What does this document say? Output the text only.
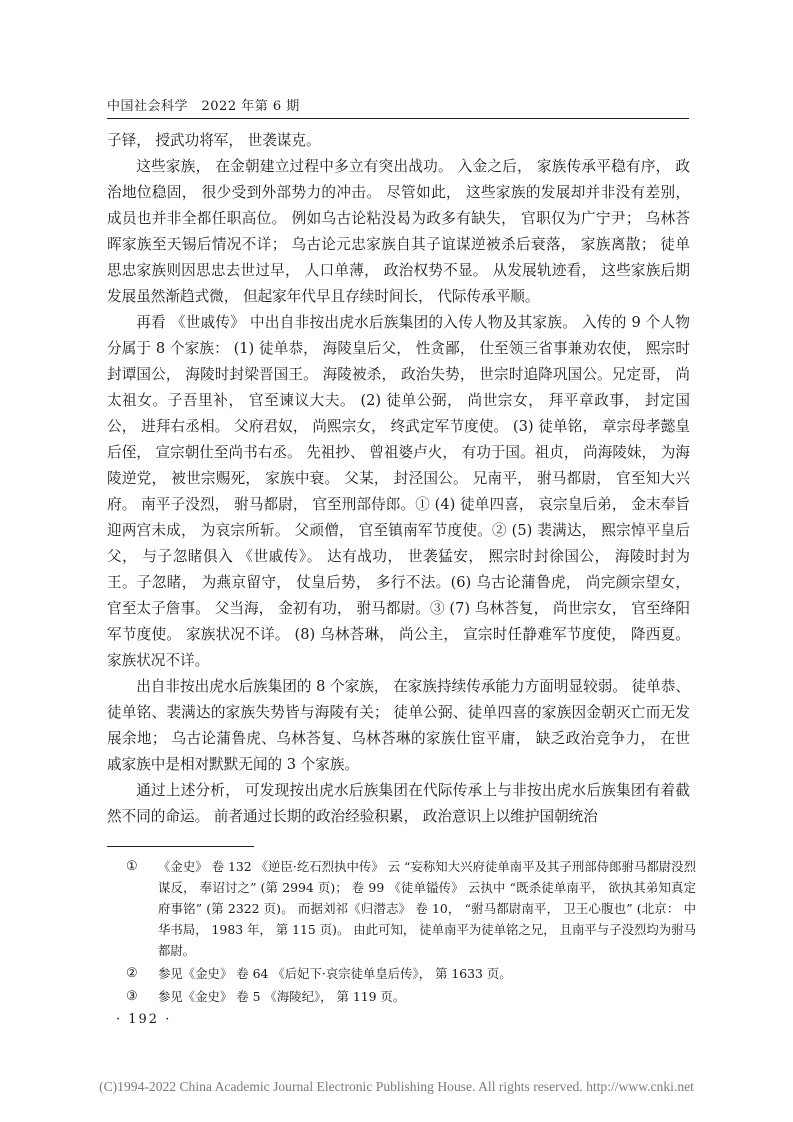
中国社会科学　2022 年第 6 期

子铎， 授武功将军， 世袭谋克。

这些家族， 在金朝建立过程中多立有突出战功。 入金之后， 家族传承平稳有序， 政治地位稳固， 很少受到外部势力的冲击。 尽管如此， 这些家族的发展却并非没有差别， 成员也并非全都任职高位。 例如乌古论粘没曷为政多有缺失， 官职仅为广宁尹； 乌林荅晖家族至天锡后情况不详； 乌古论元忠家族自其子谊谋逆被杀后衰落， 家族离散； 徒单思忠家族则因思忠去世过早， 人口单薄， 政治权势不显。 从发展轨迹看， 这些家族后期发展虽然渐趋式微， 但起家年代早且存续时间长， 代际传承平顺。

再看 《世戚传》 中出自非按出虎水后族集团的入传人物及其家族。 入传的 9 个人物分属于 8 个家族： (1) 徒单恭， 海陵皇后父， 性贪鄙， 仕至领三省事兼劝农使， 熙宗时封谭国公， 海陵时封梁晋国王。 海陵被杀， 政治失势， 世宗时追降巩国公。兄定哥， 尚太祖女。子吾里补， 官至谏议大夫。 (2) 徒单公弼， 尚世宗女， 拜平章政事， 封定国公， 进拜右丞相。 父府君奴， 尚熙宗女， 终武定军节度使。 (3) 徒单铭， 章宗母孝懿皇后侄， 宣宗朝仕至尚书右丞。 先祖抄、 曾祖婆卢火， 有功于国。祖贞， 尚海陵妹， 为海陵逆党， 被世宗赐死， 家族中衰。 父某， 封泾国公。 兄南平， 驸马都尉， 官至知大兴府。 南平子没烈， 驸马都尉， 官至刑部侍郎。① (4) 徒单四喜， 哀宗皇后弟， 金末奉旨迎两宫未成， 为哀宗所斩。 父顽僧， 官至镇南军节度使。② (5) 裴满达， 熙宗悼平皇后父， 与子忽睹俱入 《世戚传》。 达有战功， 世袭猛安， 熙宗时封徐国公， 海陵时封为王。子忽睹， 为燕京留守， 仗皇后势， 多行不法。(6) 乌古论蒲鲁虎， 尚完颜宗望女， 官至太子詹事。 父当海， 金初有功， 驸马都尉。③ (7) 乌林荅复， 尚世宗女， 官至绛阳军节度使。 家族状况不详。 (8) 乌林荅琳， 尚公主， 宣宗时任静难军节度使， 降西夏。 家族状况不详。

出自非按出虎水后族集团的 8 个家族， 在家族持续传承能力方面明显较弱。 徒单恭、徒单铭、裴满达的家族失势皆与海陵有关； 徒单公弼、徒单四喜的家族因金朝灭亡而无发展余地； 乌古论蒲鲁虎、乌林荅复、乌林荅琳的家族仕宦平庸， 缺乏政治竞争力， 在世戚家族中是相对默默无闻的 3 个家族。

通过上述分析， 可发现按出虎水后族集团在代际传承上与非按出虎水后族集团有着截然不同的命运。 前者通过长期的政治经验积累， 政治意识上以维护国朝统治

①	《金史》 卷 132 《逆臣·纥石烈执中传》 云 “妄称知大兴府徒单南平及其子刑部侍郎驸马都尉没烈谋反， 奉诏讨之” (第 2994 页)； 卷 99 《徒单镒传》 云执中 “既杀徒单南平， 欲执其弟知真定府事铭” (第 2322 页)。 而据刘祁《归潜志》 卷 10， “驸马都尉南平， 卫王心腹也” (北京： 中华书局， 1983 年， 第 115 页)。 由此可知， 徒单南平为徒单铭之兄， 且南平与子没烈均为驸马都尉。
②	参见《金史》 卷 64 《后妃下·哀宗徒单皇后传》， 第 1633 页。
③	参见《金史》 卷 5 《海陵纪》， 第 119 页。
· 192 ·
(C)1994-2022 China Academic Journal Electronic Publishing House. All rights reserved. http://www.cnki.net
